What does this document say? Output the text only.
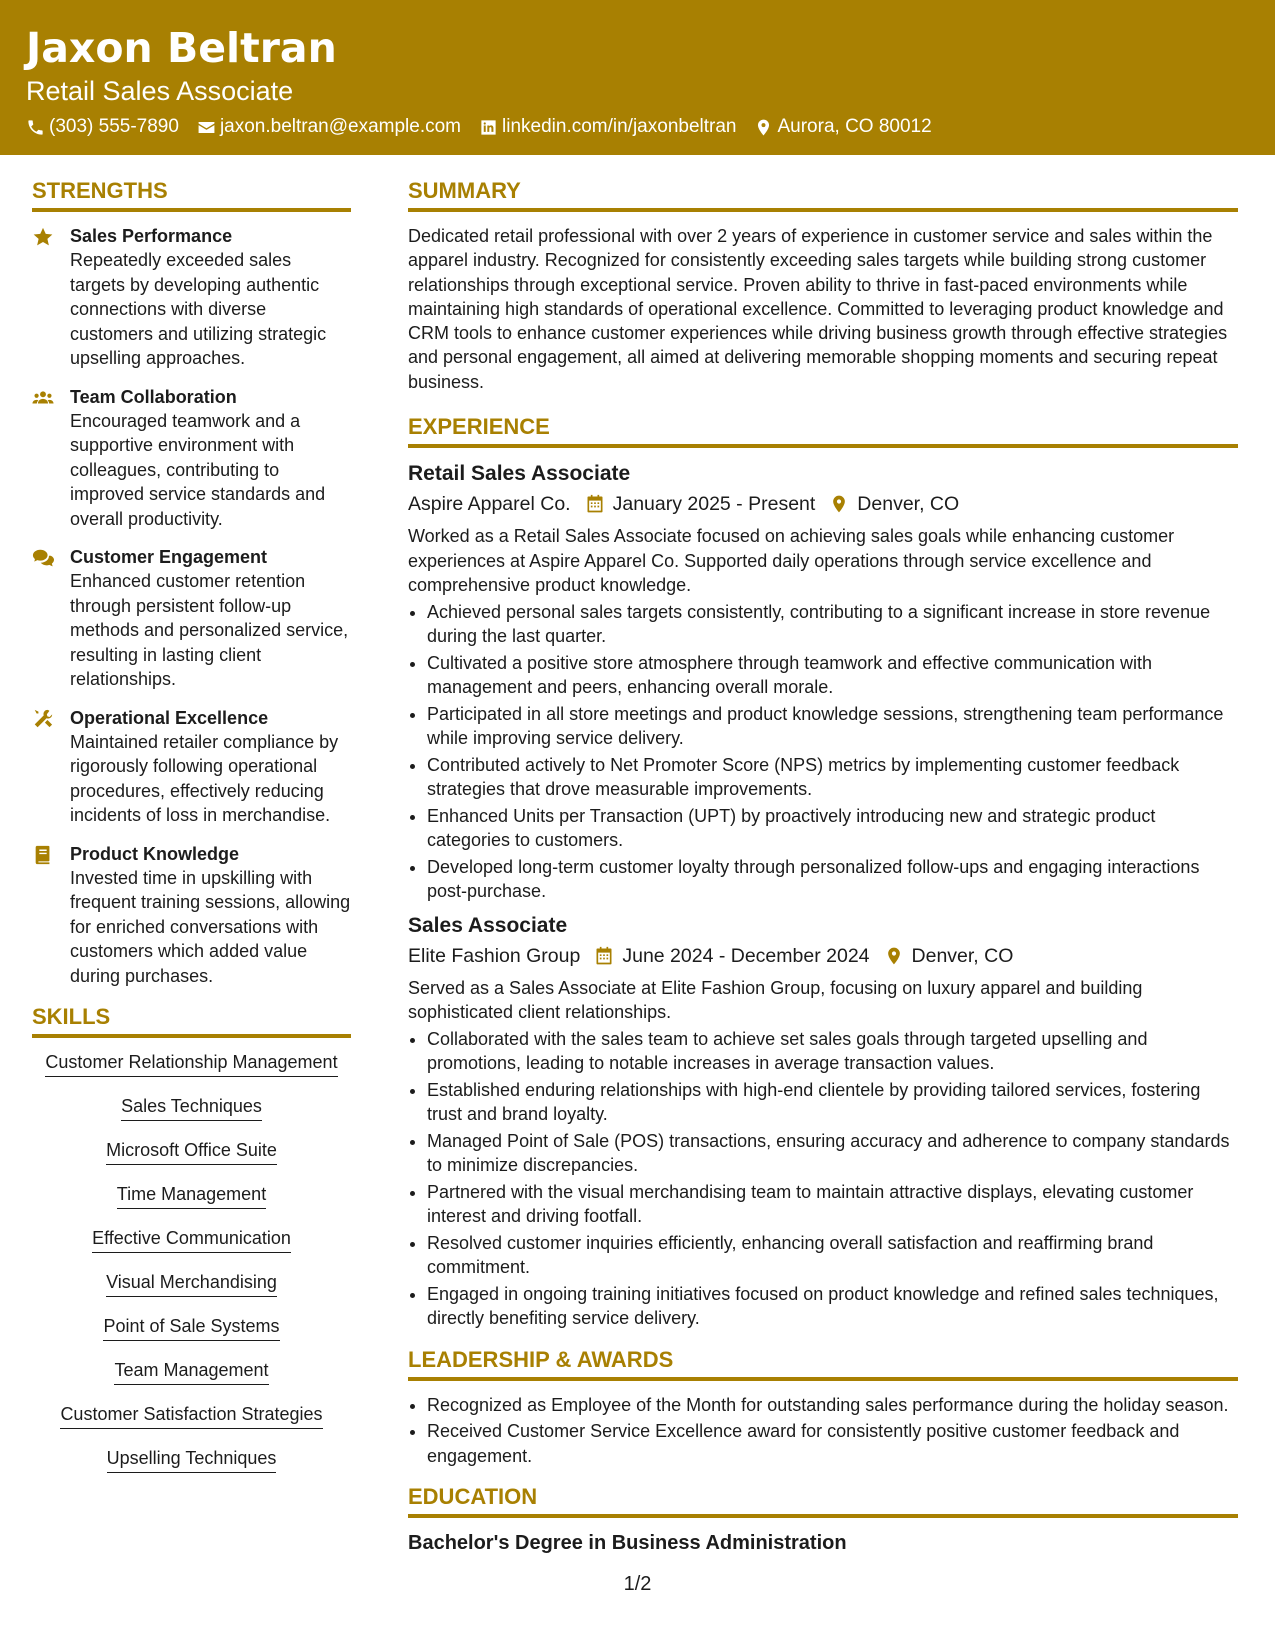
Jaxon Beltran
Retail Sales Associate
(303) 555-7890 jaxon.beltran@example.com linkedin.com/in/jaxonbeltran Aurora, CO 80012
STRENGTHS
Sales Performance
Repeatedly exceeded sales targets by developing authentic connections with diverse customers and utilizing strategic upselling approaches.
Team Collaboration
Encouraged teamwork and a supportive environment with colleagues, contributing to improved service standards and overall productivity.
Customer Engagement
Enhanced customer retention through persistent follow-up methods and personalized service, resulting in lasting client relationships.
Operational Excellence
Maintained retailer compliance by rigorously following operational procedures, effectively reducing incidents of loss in merchandise.
Product Knowledge
Invested time in upskilling with frequent training sessions, allowing for enriched conversations with customers which added value during purchases.
SKILLS
Customer Relationship Management
Sales Techniques
Microsoft Office Suite
Time Management
Effective Communication
Visual Merchandising
Point of Sale Systems
Team Management
Customer Satisfaction Strategies
Upselling Techniques
SUMMARY

Dedicated retail professional with over 2 years of experience in customer service and sales within the apparel industry. Recognized for consistently exceeding sales targets while building strong customer relationships through exceptional service. Proven ability to thrive in fast-paced environments while maintaining high standards of operational excellence. Committed to leveraging product knowledge and CRM tools to enhance customer experiences while driving business growth through effective strategies and personal engagement, all aimed at delivering memorable shopping moments and securing repeat business.

EXPERIENCE
Retail Sales Associate
Aspire Apparel Co. January 2025 - Present Denver, CO
Worked as a Retail Sales Associate focused on achieving sales goals while enhancing customer experiences at Aspire Apparel Co. Supported daily operations through service excellence and comprehensive product knowledge.
• Achieved personal sales targets consistently, contributing to a significant increase in store revenue during the last quarter.
• Cultivated a positive store atmosphere through teamwork and effective communication with management and peers, enhancing overall morale.
• Participated in all store meetings and product knowledge sessions, strengthening team performance while improving service delivery.
• Contributed actively to Net Promoter Score (NPS) metrics by implementing customer feedback strategies that drove measurable improvements.
• Enhanced Units per Transaction (UPT) by proactively introducing new and strategic product categories to customers.
• Developed long-term customer loyalty through personalized follow-ups and engaging interactions post-purchase.
Sales Associate
Elite Fashion Group June 2024 - December 2024 Denver, CO
Served as a Sales Associate at Elite Fashion Group, focusing on luxury apparel and building sophisticated client relationships.
• Collaborated with the sales team to achieve set sales goals through targeted upselling and promotions, leading to notable increases in average transaction values.
• Established enduring relationships with high-end clientele by providing tailored services, fostering trust and brand loyalty.
• Managed Point of Sale (POS) transactions, ensuring accuracy and adherence to company standards to minimize discrepancies.
• Partnered with the visual merchandising team to maintain attractive displays, elevating customer interest and driving footfall.
• Resolved customer inquiries efficiently, enhancing overall satisfaction and reaffirming brand commitment.
• Engaged in ongoing training initiatives focused on product knowledge and refined sales techniques, directly benefiting service delivery.
LEADERSHIP & AWARDS
• Recognized as Employee of the Month for outstanding sales performance during the holiday season.
• Received Customer Service Excellence award for consistently positive customer feedback and engagement.
EDUCATION
Bachelor's Degree in Business Administration
1/2
